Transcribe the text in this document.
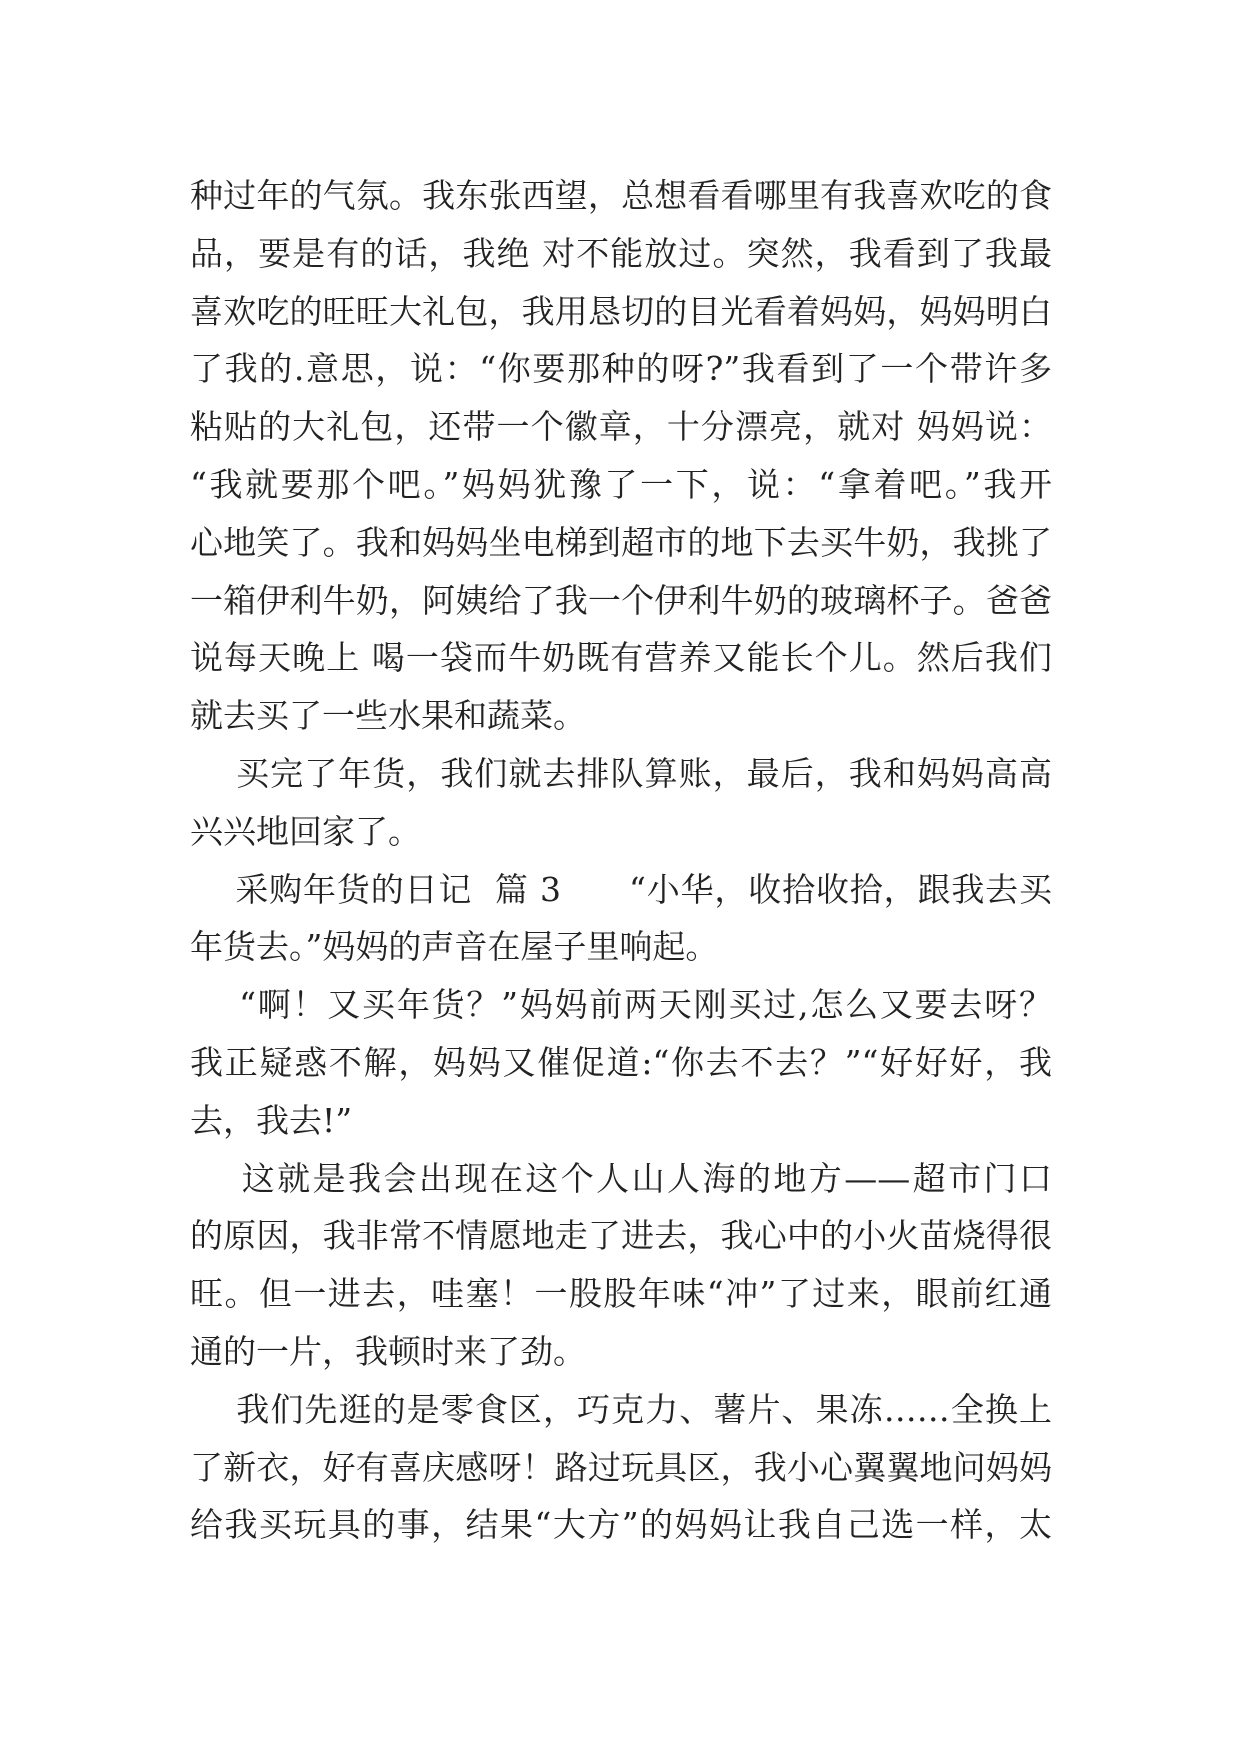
种过年的气氛。我东张西望，总想看看哪里有我喜欢吃的食
品，要是有的话，我绝 对不能放过。突然，我看到了我最
喜欢吃的旺旺大礼包，我用恳切的目光看着妈妈，妈妈明白
了我的.意思，说：“你要那种的呀?”我看到了一个带许多
粘贴的大礼包，还带一个徽章，十分漂亮，就对 妈妈说：
“我就要那个吧。”妈妈犹豫了一下，说：“拿着吧。”我开
心地笑了。我和妈妈坐电梯到超市的地下去买牛奶，我挑了
一箱伊利牛奶，阿姨给了我一个伊利牛奶的玻璃杯子。爸爸
说每天晚上 喝一袋而牛奶既有营养又能长个儿。然后我们
就去买了一些水果和蔬菜。
买完了年货，我们就去排队算账，最后，我和妈妈高高
兴兴地回家了。
采购年货的日记  篇 3      “小华，收拾收拾，跟我去买
年货去。”妈妈的声音在屋子里响起。
“啊！又买年货？”妈妈前两天刚买过,怎么又要去呀？
我正疑惑不解，妈妈又催促道:“你去不去？”“好好好，我
去，我去!”
这就是我会出现在这个人山人海的地方——超市门口
的原因，我非常不情愿地走了进去，我心中的小火苗烧得很
旺。但一进去，哇塞！一股股年味“冲”了过来，眼前红通
通的一片，我顿时来了劲。
我们先逛的是零食区，巧克力、薯片、果冻……全换上
了新衣，好有喜庆感呀！路过玩具区，我小心翼翼地问妈妈
给我买玩具的事，结果“大方”的妈妈让我自己选一样，太
